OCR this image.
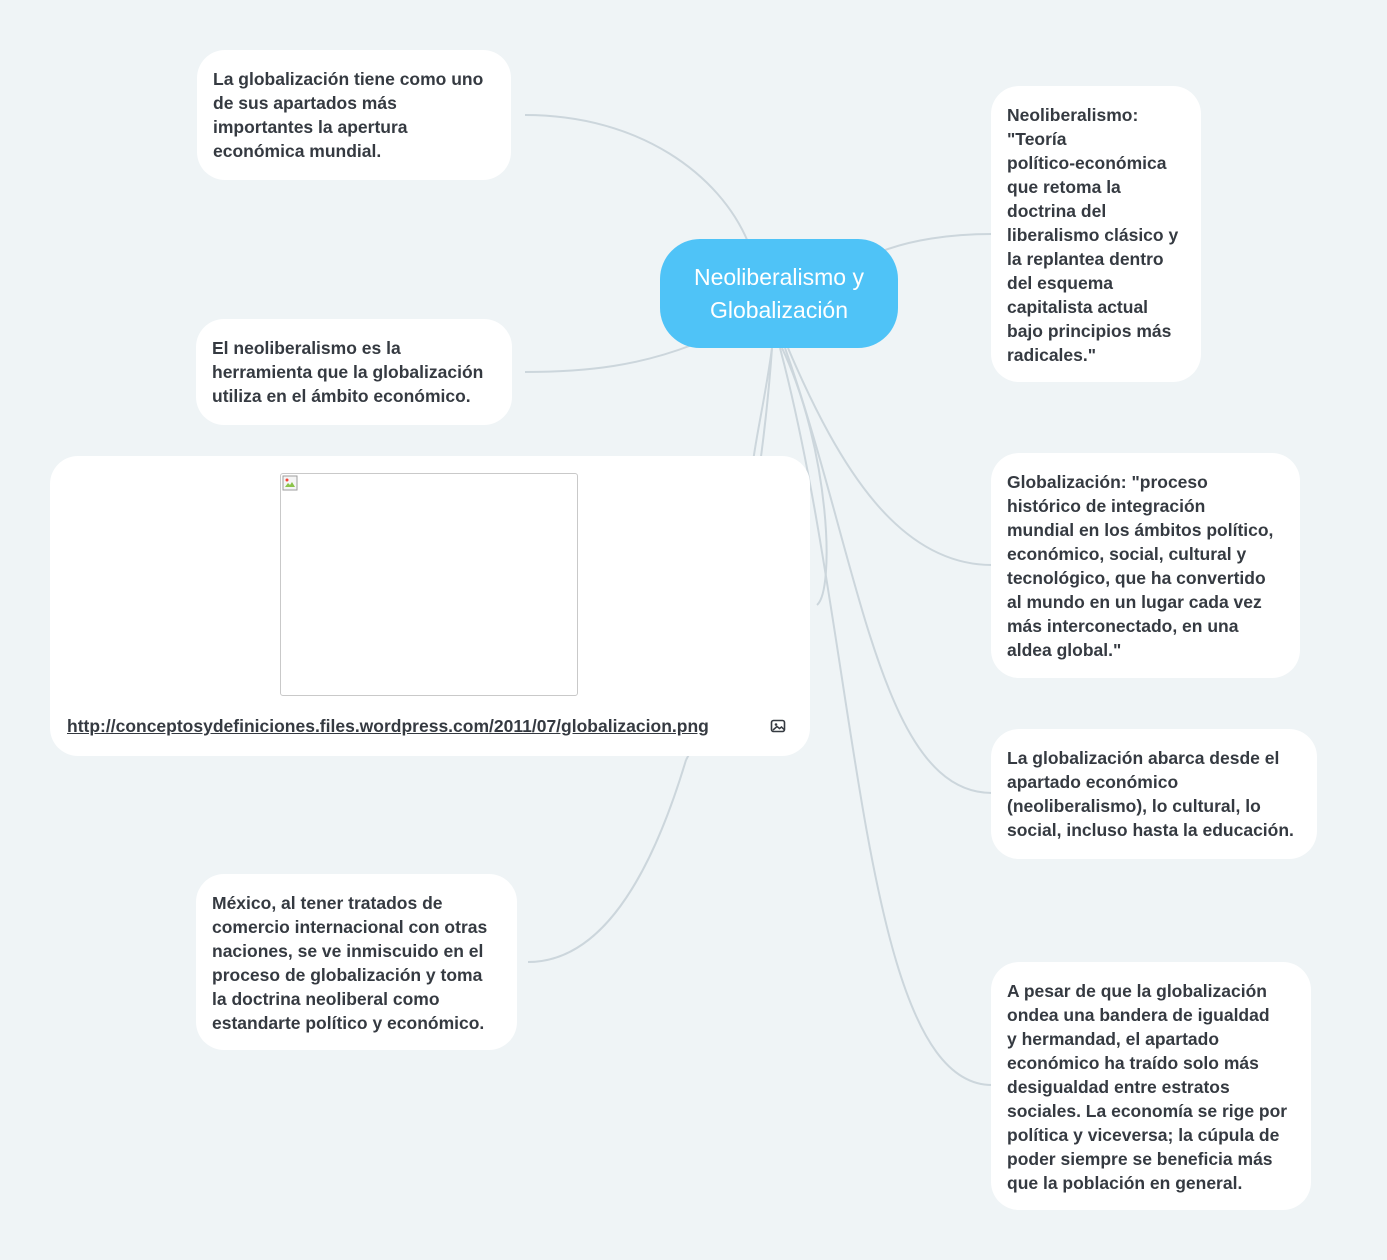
Neoliberalismo y
Globalización
La globalización tiene como uno
de sus apartados más
importantes la apertura
económica mundial.
El neoliberalismo es la
herramienta que la globalización
utiliza en el ámbito económico.
http://conceptosydefiniciones.files.wordpress.com/2011/07/globalizacion.png
México, al tener tratados de
comercio internacional con otras
naciones, se ve inmiscuido en el
proceso de globalización y toma
la doctrina neoliberal como
estandarte político y económico.
Neoliberalismo:
"Teoría
político-económica
que retoma la
doctrina del
liberalismo clásico y
la replantea dentro
del esquema
capitalista actual
bajo principios más
radicales."
Globalización: "proceso
histórico de integración
mundial en los ámbitos político,
económico, social, cultural y
tecnológico, que ha convertido
al mundo en un lugar cada vez
más interconectado, en una
aldea global."
La globalización abarca desde el
apartado económico
(neoliberalismo), lo cultural, lo
social, incluso hasta la educación.
A pesar de que la globalización
ondea una bandera de igualdad
y hermandad, el apartado
económico ha traído solo más
desigualdad entre estratos
sociales. La economía se rige por
política y viceversa; la cúpula de
poder siempre se beneficia más
que la población en general.
